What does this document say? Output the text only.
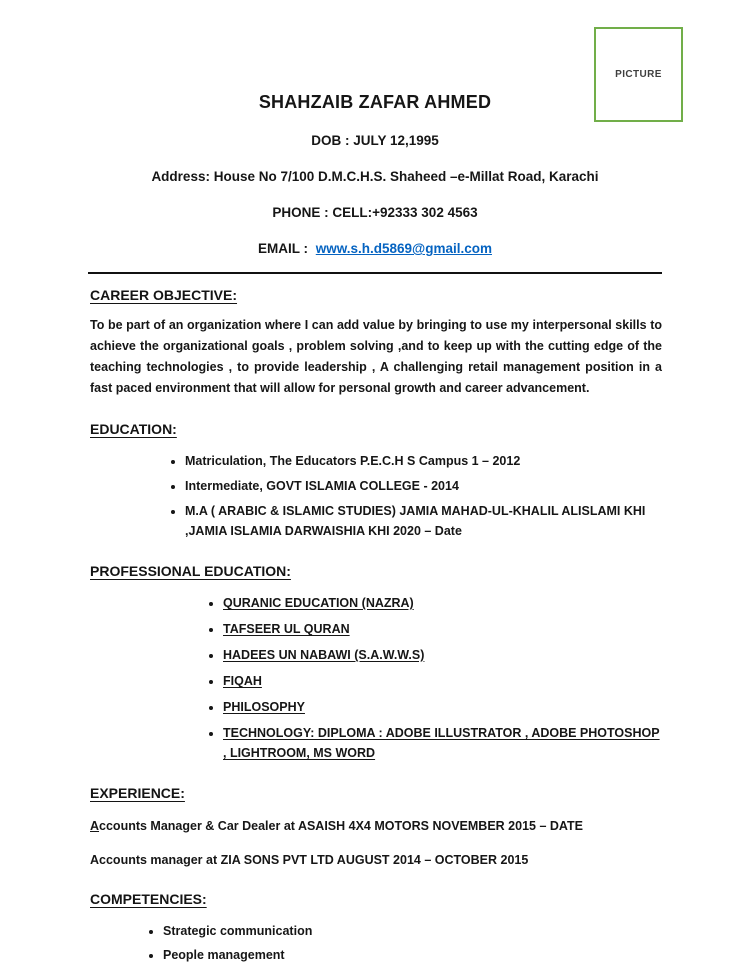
PICTURE
SHAHZAIB ZAFAR AHMED
DOB : JULY 12,1995
Address: House No 7/100 D.M.C.H.S. Shaheed –e-Millat Road, Karachi
PHONE : CELL:+92333 302 4563
EMAIL : www.s.h.d5869@gmail.com
CAREER OBJECTIVE:

To be part of an organization where I can add value by bringing to use my interpersonal skills to achieve the organizational goals , problem solving ,and to keep up with the cutting edge of the teaching technologies , to provide leadership , A challenging retail management position in a fast paced environment that will allow for personal growth and career advancement.

EDUCATION:
• Matriculation, The Educators P.E.C.H S Campus 1 – 2012
• Intermediate, GOVT ISLAMIA COLLEGE - 2014
• M.A ( ARABIC & ISLAMIC STUDIES) JAMIA MAHAD-UL-KHALIL ALISLAMI KHI ,JAMIA ISLAMIA DARWAISHIA KHI 2020 – Date
PROFESSIONAL EDUCATION:
• QURANIC EDUCATION (NAZRA)
• TAFSEER UL QURAN
• HADEES UN NABAWI (S.A.W.W.S)
• FIQAH
• PHILOSOPHY
• TECHNOLOGY: DIPLOMA : ADOBE ILLUSTRATOR , ADOBE PHOTOSHOP , LIGHTROOM, MS WORD
EXPERIENCE:

Accounts Manager & Car Dealer at ASAISH 4X4 MOTORS NOVEMBER 2015 – DATE

Accounts manager at ZIA SONS PVT LTD AUGUST 2014 – OCTOBER 2015

COMPETENCIES:
• Strategic communication
• People management
